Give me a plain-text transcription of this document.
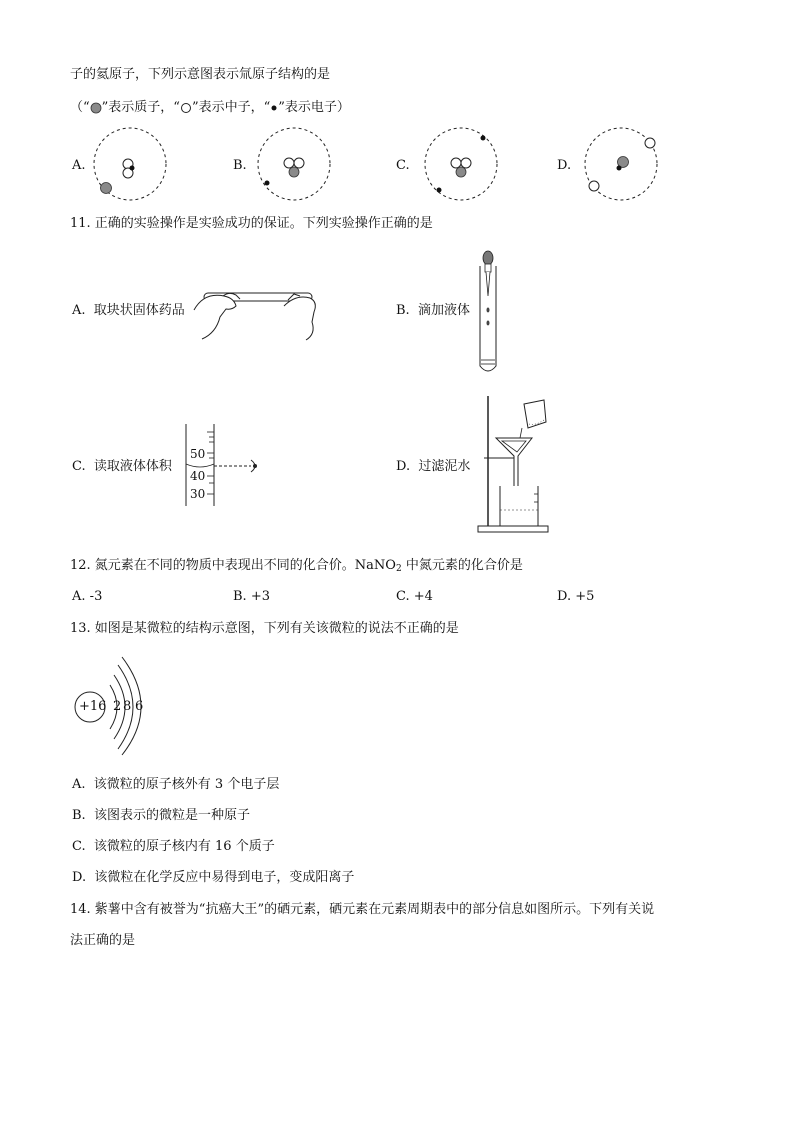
子的氦原子，下列示意图表示氚原子结构的是
（“ ”表示质子，“ ”表示中子，“ ”表示电子）
A.	B.	C.	D.
11. 正确的实验操作是实验成功的保证。下列实验操作正确的是
A. 取块状固体药品	B. 滴加液体
C. 读取液体体积
50
40
30
D. 过滤泥水
12. 氮元素在不同的物质中表现出不同的化合价。NaNO$_2$ 中氮元素的化合价是
A. -3	B. +3	C. +4	D. +5
13. 如图是某微粒的结构示意图，下列有关该微粒的说法不正确的是
+16 2 8 6
A. 该微粒的原子核外有 3 个电子层
B. 该图表示的微粒是一种原子
C. 该微粒的原子核内有 16 个质子
D. 该微粒在化学反应中易得到电子，变成阳离子
14. 紫薯中含有被誉为“抗癌大王”的硒元素，硒元素在元素周期表中的部分信息如图所示。下列有关说
法正确的是
